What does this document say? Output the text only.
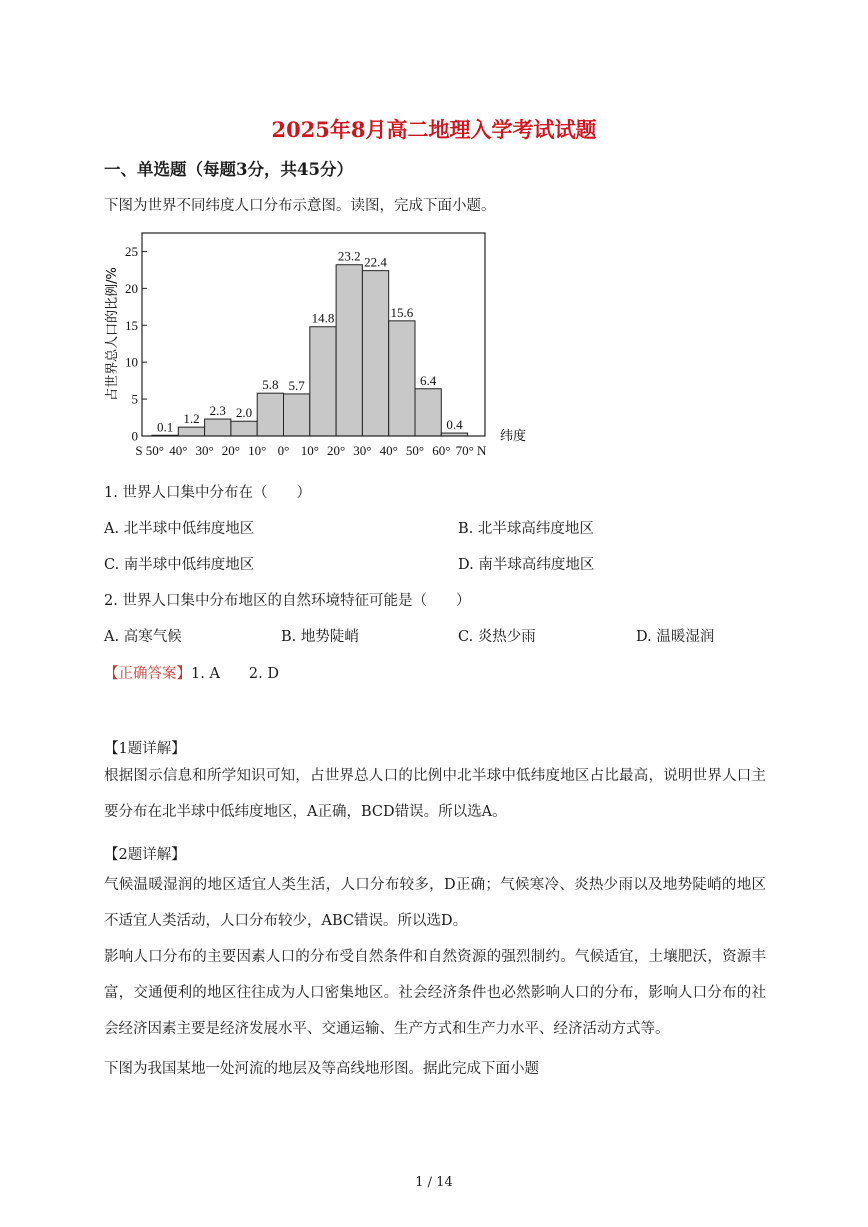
2025年8月高二地理入学考试试题
一、单选题（每题3分，共45分）
下图为世界不同纬度人口分布示意图。读图，完成下面小题。
0.1
1.2
2.3 2.0
5.8 5.7
14.8
23.2 22.4
15.6
6.4
0.4
0
5
10
15
20
25
S 50° 40° 30° 20° 10° 0° 10° 20° 30° 40° 50° 60° 70° N
占世界总人口的比例/%
纬度
1. 世界人口集中分布在（　　）
A. 北半球中低纬度地区	B. 北半球高纬度地区
C. 南半球中低纬度地区	D. 南半球高纬度地区
2. 世界人口集中分布地区的自然环境特征可能是（　　）
A. 高寒气候	B. 地势陡峭	C. 炎热少雨	D. 温暖湿润
【正确答案】1. A　　2. D
【1题详解】
根据图示信息和所学知识可知，占世界总人口的比例中北半球中低纬度地区占比最高，说明世界人口主要分布在北半球中低纬度地区，A正确，BCD错误。所以选A。
【2题详解】
气候温暖湿润的地区适宜人类生活，人口分布较多，D正确；气候寒冷、炎热少雨以及地势陡峭的地区不适宜人类活动，人口分布较少，ABC错误。所以选D。
影响人口分布的主要因素人口的分布受自然条件和自然资源的强烈制约。气候适宜，土壤肥沃，资源丰富，交通便利的地区往往成为人口密集地区。社会经济条件也必然影响人口的分布，影响人口分布的社会经济因素主要是经济发展水平、交通运输、生产方式和生产力水平、经济活动方式等。
下图为我国某地一处河流的地层及等高线地形图。据此完成下面小题
1 / 14
